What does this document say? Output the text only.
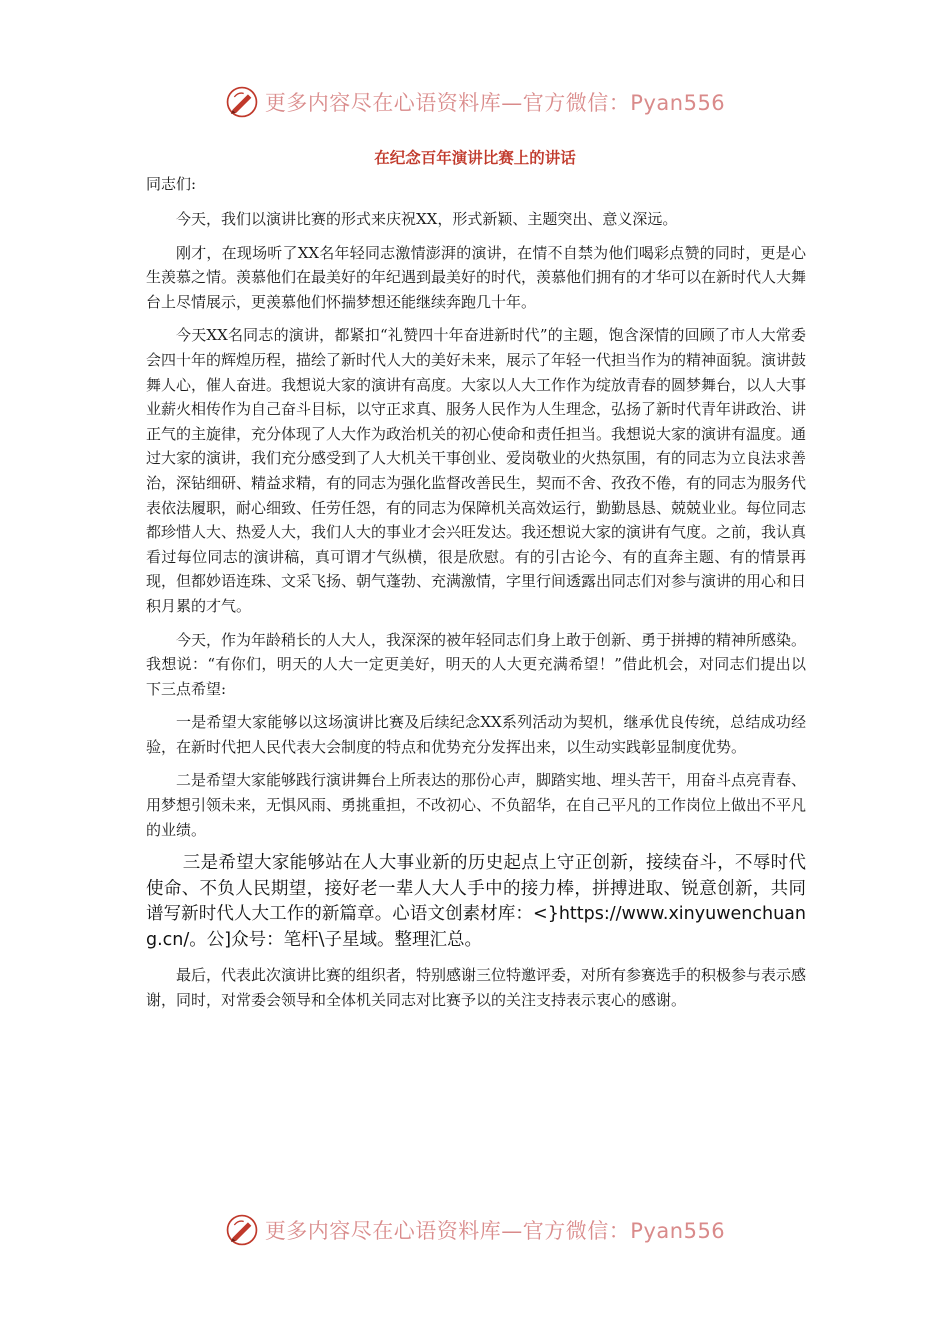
更多内容尽在心语资料库—官方微信：Pyan556
在纪念百年演讲比赛上的讲话

同志们:

今天，我们以演讲比赛的形式来庆祝XX，形式新颖、主题突出、意义深远。

刚才，在现场听了XX名年轻同志激情澎湃的演讲，在情不自禁为他们喝彩点赞的同时，更是心生羡慕之情。羡慕他们在最美好的年纪遇到最美好的时代，羡慕他们拥有的才华可以在新时代人大舞台上尽情展示，更羡慕他们怀揣梦想还能继续奔跑几十年。

今天XX名同志的演讲，都紧扣“礼赞四十年奋进新时代”的主题，饱含深情的回顾了市人大常委会四十年的辉煌历程，描绘了新时代人大的美好未来，展示了年轻一代担当作为的精神面貌。演讲鼓舞人心，催人奋进。我想说大家的演讲有高度。大家以人大工作作为绽放青春的圆梦舞台，以人大事业薪火相传作为自己奋斗目标，以守正求真、服务人民作为人生理念，弘扬了新时代青年讲政治、讲正气的主旋律，充分体现了人大作为政治机关的初心使命和责任担当。我想说大家的演讲有温度。通过大家的演讲，我们充分感受到了人大机关干事创业、爱岗敬业的火热氛围，有的同志为立良法求善治，深钻细研、精益求精，有的同志为强化监督改善民生，契而不舍、孜孜不倦，有的同志为服务代表依法履职，耐心细致、任劳任怨，有的同志为保障机关高效运行，勤勤恳恳、兢兢业业。每位同志都珍惜人大、热爱人大，我们人大的事业才会兴旺发达。我还想说大家的演讲有气度。之前，我认真看过每位同志的演讲稿，真可谓才气纵横，很是欣慰。有的引古论今、有的直奔主题、有的情景再现，但都妙语连珠、文采飞扬、朝气蓬勃、充满激情，字里行间透露出同志们对参与演讲的用心和日积月累的才气。

今天，作为年龄稍长的人大人，我深深的被年轻同志们身上敢于创新、勇于拼搏的精神所感染。我想说：“有你们，明天的人大一定更美好，明天的人大更充满希望！”借此机会，对同志们提出以下三点希望:

一是希望大家能够以这场演讲比赛及后续纪念XX系列活动为契机，继承优良传统，总结成功经验，在新时代把人民代表大会制度的特点和优势充分发挥出来，以生动实践彰显制度优势。

二是希望大家能够践行演讲舞台上所表达的那份心声，脚踏实地、埋头苦干，用奋斗点亮青春、用梦想引领未来，无惧风雨、勇挑重担，不改初心、不负韶华，在自己平凡的工作岗位上做出不平凡的业绩。

三是希望大家能够站在人大事业新的历史起点上守正创新，接续奋斗，不辱时代使命、不负人民期望，接好老一辈人大人手中的接力棒，拼搏进取、锐意创新，共同谱写新时代人大工作的新篇章。心语文创素材库：<}https://www.xinyuwenchuang.cn/。公]众号：笔杆\子星域。整理汇总。

最后，代表此次演讲比赛的组织者，特别感谢三位特邀评委，对所有参赛选手的积极参与表示感谢，同时，对常委会领导和全体机关同志对比赛予以的关注支持表示衷心的感谢。

更多内容尽在心语资料库—官方微信：Pyan556
